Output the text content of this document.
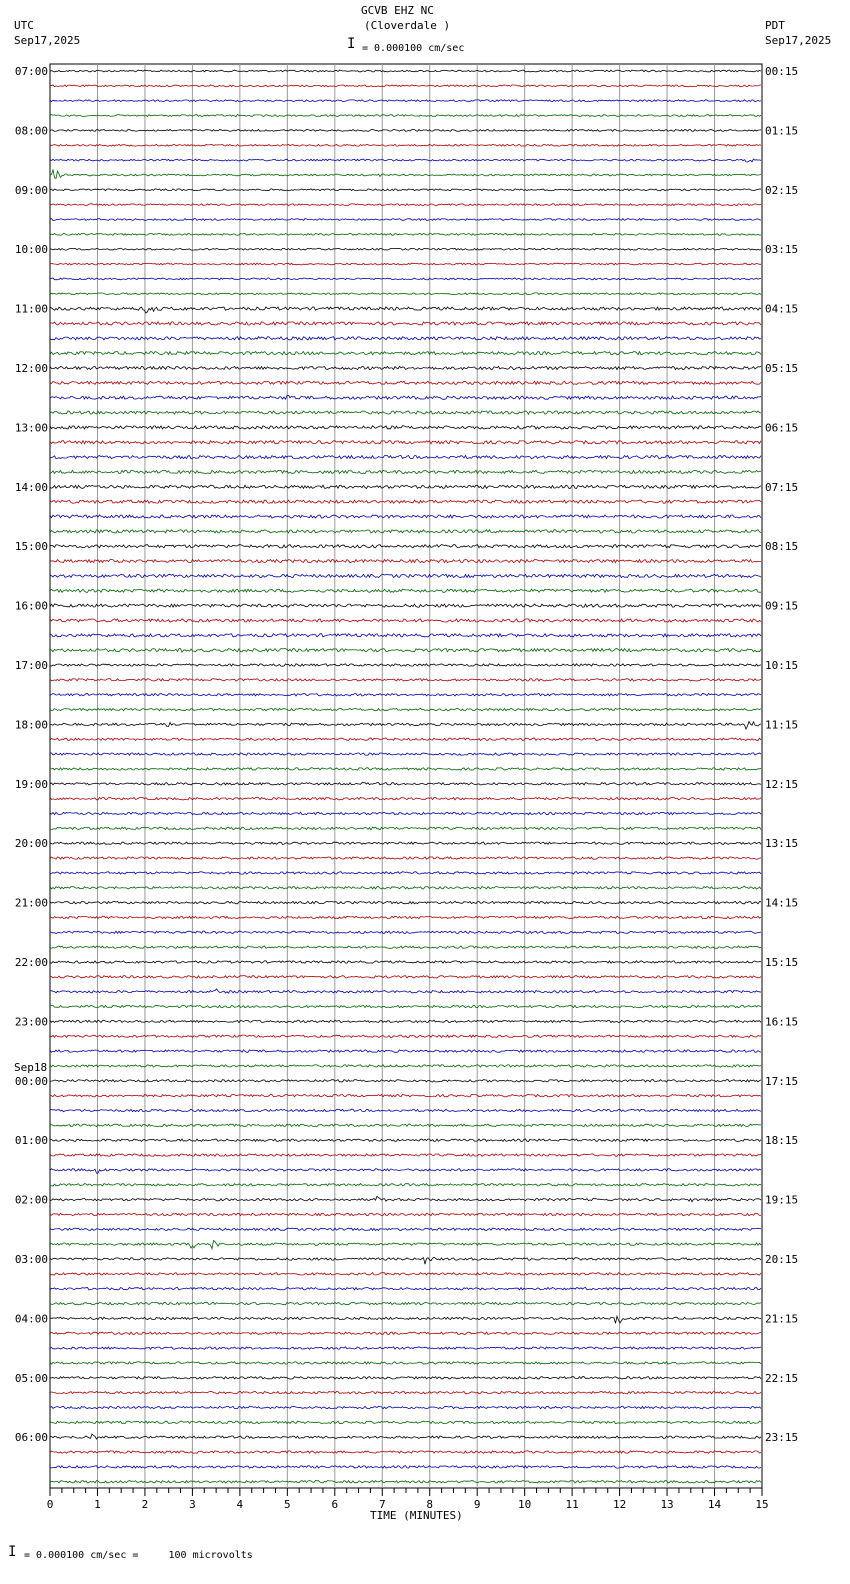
GCVB EHZ NC
(Cloverdale )
UTC
Sep17,2025
PDT
Sep17,2025
I = 0.000100 cm/sec
07:00
08:00
09:00
10:00
11:00
12:00
13:00
14:00
15:00
16:00
17:00
18:00
19:00
20:00
21:00
22:00
23:00
00:00
01:00
02:00
03:00
04:00
05:00
06:00
00:15
01:15
02:15
03:15
04:15
05:15
06:15
07:15
08:15
09:15
10:15
11:15
12:15
13:15
14:15
15:15
16:15
17:15
18:15
19:15
20:15
21:15
22:15
23:15
Sep18
0	1	2	3	4	5	6	7	8	9	10	11	12	13	14	15
TIME (MINUTES)
I = 0.000100 cm/sec =     100 microvolts
